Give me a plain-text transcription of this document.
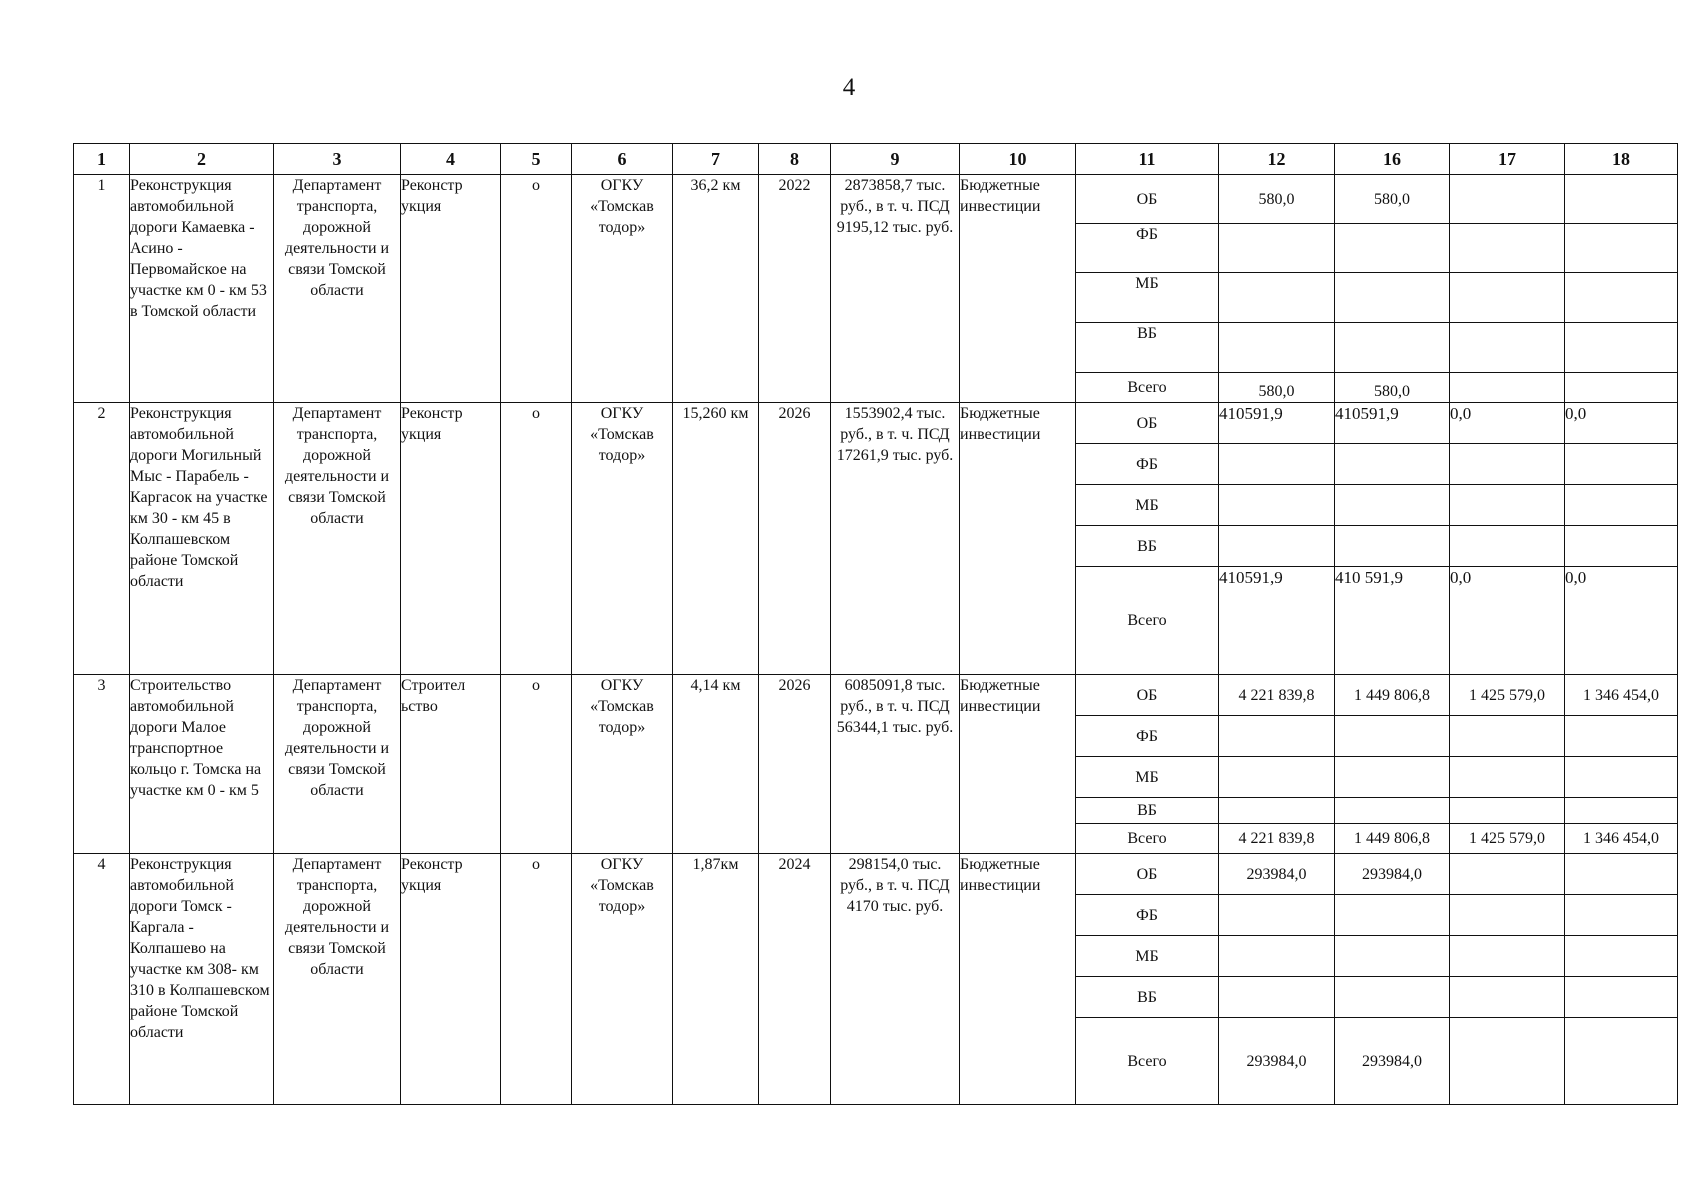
4
1	2	3	4	5	6	7	8	9	10	11	12	16	17	18
1	Реконструкция автомобильной дороги Камаевка - Асино - Первомайское на участке км 0 - км 53 в Томской области	Департамент транспорта, дорожной деятельности и связи Томской области	Реконстр укция	о	ОГКУ «Томскав тодор»	36,2 км	2022	2873858,7 тыс. руб., в т. ч. ПСД 9195,12 тыс. руб.	Бюджетные инвестиции	ОБ	580,0	580,0		
										ФБ				
										МБ				
										ВБ				
										Всего	580,0	580,0		
2	Реконструкция автомобильной дороги Могильный Мыс - Парабель - Каргасок на участке км 30 - км 45 в Колпашевском районе Томской области	Департамент транспорта, дорожной деятельности и связи Томской области	Реконстр укция	о	ОГКУ «Томскав тодор»	15,260 км	2026	1553902,4 тыс. руб., в т. ч. ПСД 17261,9 тыс. руб.	Бюджетные инвестиции	ОБ	410591,9	410591,9	0,0	0,0
										ФБ				
										МБ				
										ВБ				
										Всего	410591,9	410 591,9	0,0	0,0
3	Строительство автомобильной дороги Малое транспортное кольцо г. Томска на участке км 0 - км 5	Департамент транспорта, дорожной деятельности и связи Томской области	Строител ьство	о	ОГКУ «Томскав тодор»	4,14 км	2026	6085091,8 тыс. руб., в т. ч. ПСД 56344,1 тыс. руб.	Бюджетные инвестиции	ОБ	4 221 839,8	1 449 806,8	1 425 579,0	1 346 454,0
										ФБ				
										МБ				
										ВБ				
										Всего	4 221 839,8	1 449 806,8	1 425 579,0	1 346 454,0
4	Реконструкция автомобильной дороги Томск - Каргала - Колпашево на участке км 308- км 310 в Колпашевском районе Томской области	Департамент транспорта, дорожной деятельности и связи Томской области	Реконстр укция	о	ОГКУ «Томскав тодор»	1,87км	2024	298154,0 тыс. руб., в т. ч. ПСД 4170 тыс. руб.	Бюджетные инвестиции	ОБ	293984,0	293984,0		
										ФБ				
										МБ				
										ВБ				
										Всего	293984,0	293984,0		
